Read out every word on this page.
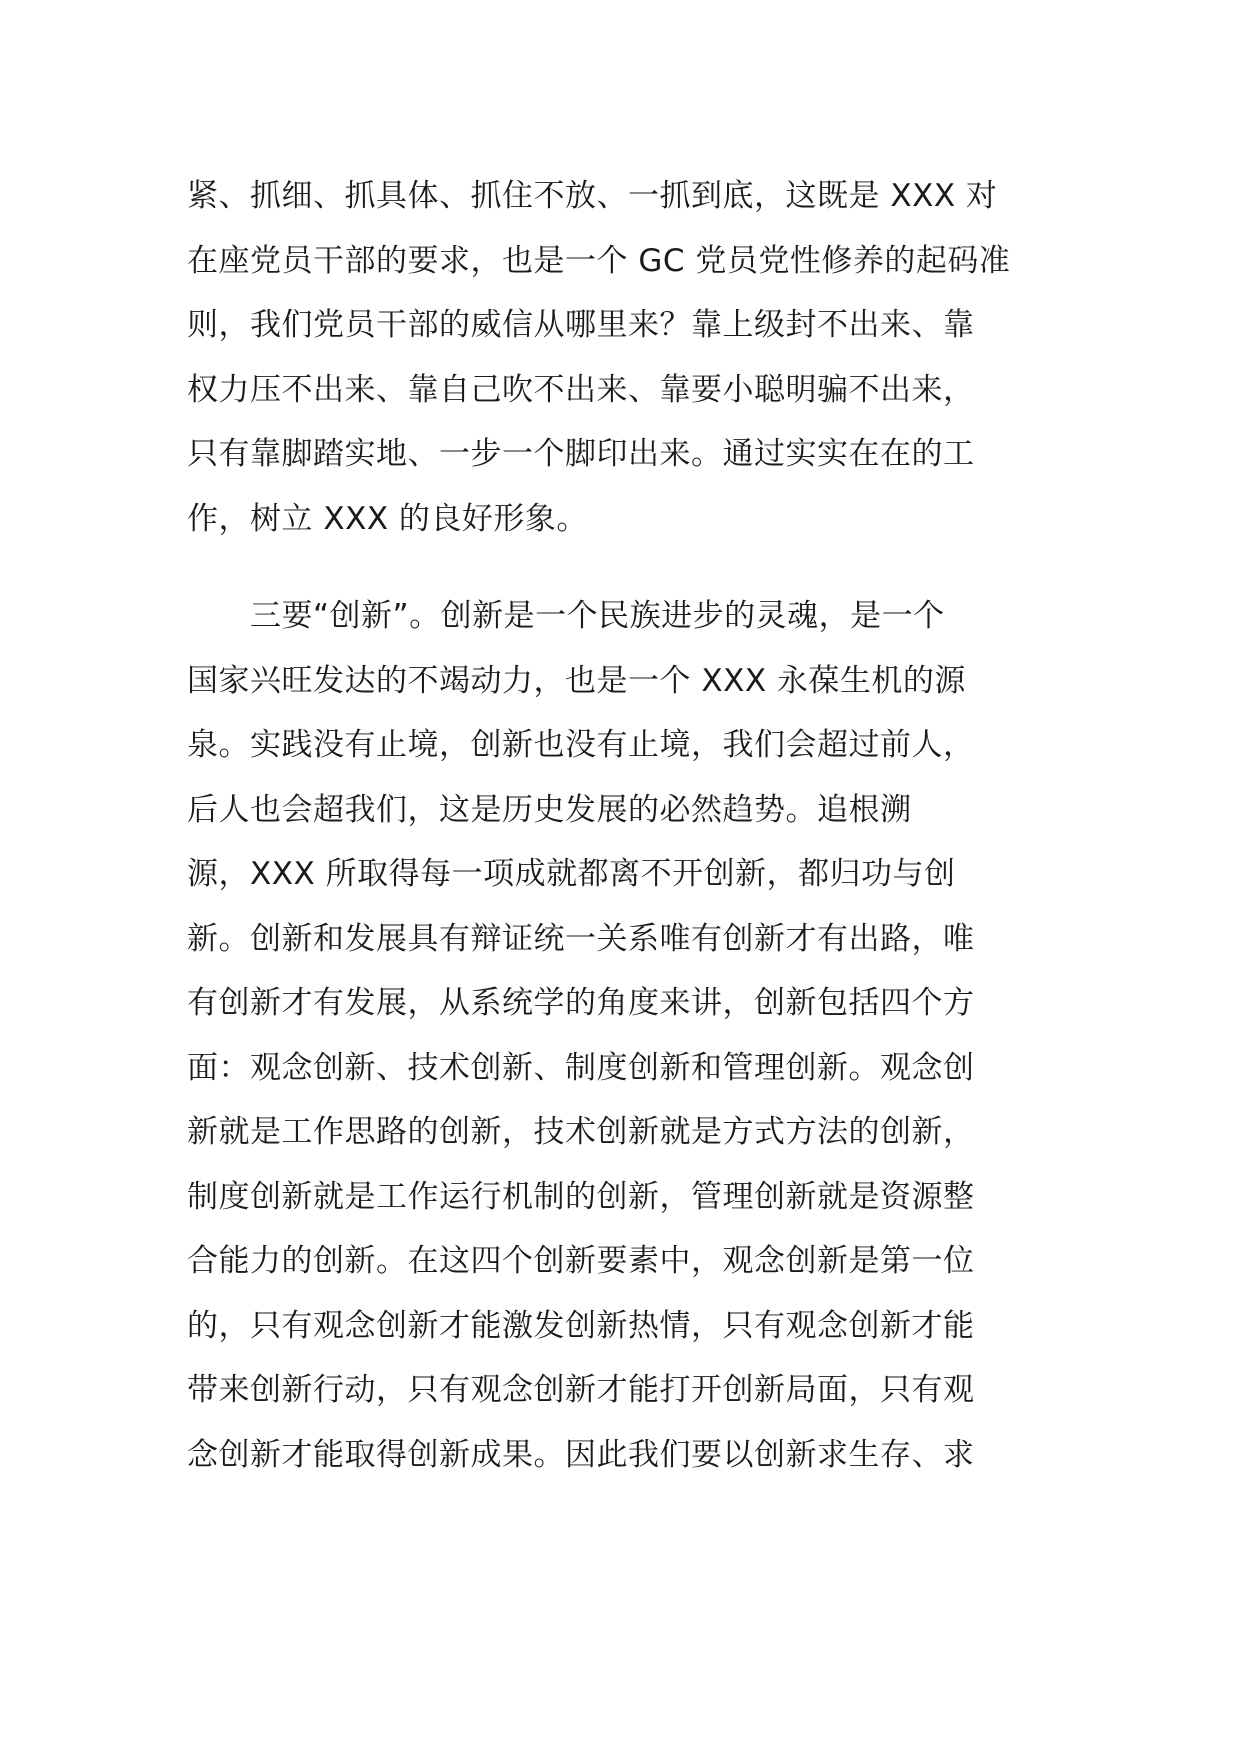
紧、抓细、抓具体、抓住不放、一抓到底，这既是 XXX 对
在座党员干部的要求，也是一个 GC 党员党性修养的起码准
则，我们党员干部的威信从哪里来？靠上级封不出来、靠
权力压不出来、靠自己吹不出来、靠要小聪明骗不出来，
只有靠脚踏实地、一步一个脚印出来。通过实实在在的工
作，树立 XXX 的良好形象。
　　三要“创新”。创新是一个民族进步的灵魂，是一个
国家兴旺发达的不竭动力，也是一个 XXX 永葆生机的源
泉。实践没有止境，创新也没有止境，我们会超过前人，
后人也会超我们，这是历史发展的必然趋势。追根溯
源，XXX 所取得每一项成就都离不开创新，都归功与创
新。创新和发展具有辩证统一关系唯有创新才有出路，唯
有创新才有发展，从系统学的角度来讲，创新包括四个方
面：观念创新、技术创新、制度创新和管理创新。观念创
新就是工作思路的创新，技术创新就是方式方法的创新，
制度创新就是工作运行机制的创新，管理创新就是资源整
合能力的创新。在这四个创新要素中，观念创新是第一位
的，只有观念创新才能激发创新热情，只有观念创新才能
带来创新行动，只有观念创新才能打开创新局面，只有观
念创新才能取得创新成果。因此我们要以创新求生存、求
